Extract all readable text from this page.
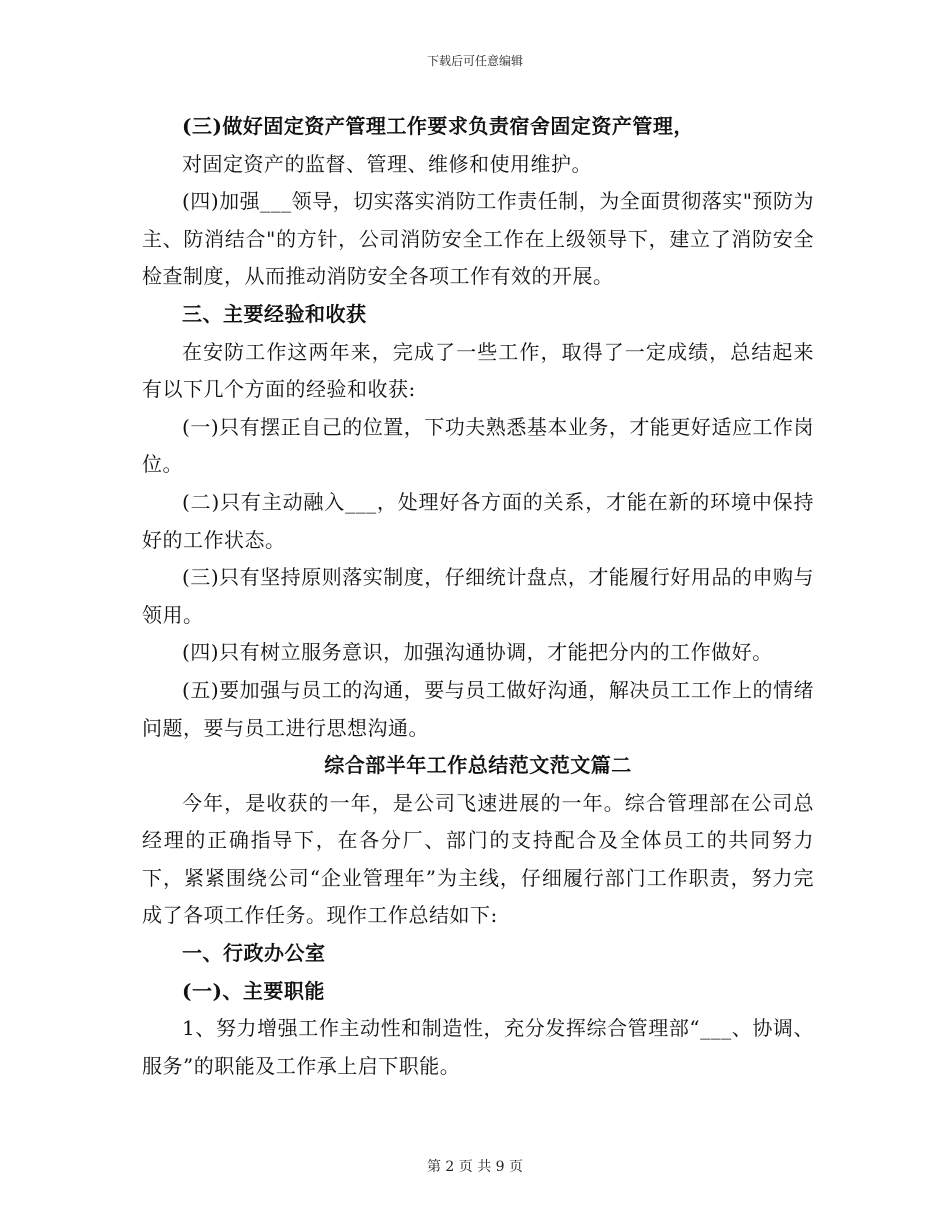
下载后可任意编辑

(三)做好固定资产管理工作要求负责宿舍固定资产管理，

对固定资产的监督、管理、维修和使用维护。

(四)加强___领导，切实落实消防工作责任制，为全面贯彻落实"预防为主、防消结合"的方针，公司消防安全工作在上级领导下，建立了消防安全检查制度，从而推动消防安全各项工作有效的开展。

三、主要经验和收获

在安防工作这两年来，完成了一些工作，取得了一定成绩，总结起来有以下几个方面的经验和收获:

(一)只有摆正自己的位置，下功夫熟悉基本业务，才能更好适应工作岗位。

(二)只有主动融入___，处理好各方面的关系，才能在新的环境中保持好的工作状态。

(三)只有坚持原则落实制度，仔细统计盘点，才能履行好用品的申购与领用。

(四)只有树立服务意识，加强沟通协调，才能把分内的工作做好。

(五)要加强与员工的沟通，要与员工做好沟通，解决员工工作上的情绪问题，要与员工进行思想沟通。

综合部半年工作总结范文范文篇二

今年，是收获的一年，是公司飞速进展的一年。综合管理部在公司总经理的正确指导下，在各分厂、部门的支持配合及全体员工的共同努力下，紧紧围绕公司“企业管理年”为主线，仔细履行部门工作职责，努力完成了各项工作任务。现作工作总结如下:

一、行政办公室

(一)、主要职能

1、努力增强工作主动性和制造性，充分发挥综合管理部“___、协调、服务”的职能及工作承上启下职能。

第 2 页 共 9 页
